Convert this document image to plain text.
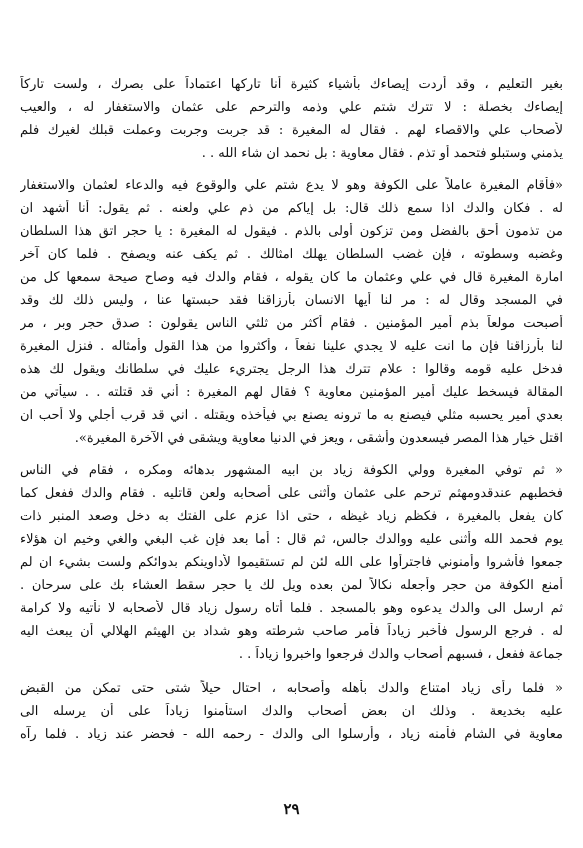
بغير التعليم ، وقد أردت إيصاءك بأشياء كثيرة أنا تاركها اعتماداً على بصرك ، ولست تاركاً
إيصاءك بخصلة : لا تترك شتم علي وذمه والترحم على عثمان والاستغفار له ، والعيب
لأصحاب علي والاقصاء لهم . فقال له المغيرة : قد جربت وجربت وعملت قبلك لغيرك فلم
يذمني وستبلو فتحمد أو تذم . فقال معاوية : بل نحمد ان شاء الله . .
«فأقام المغيرة عاملاً على الكوفة وهو لا يدع شتم علي والوقوع فيه والدعاء لعثمان والاستغفار
له . فكان والدك اذا سمع ذلك قال: بل إياكم من ذم علي ولعنه . ثم يقول: أنا أشهد ان
من تذمون أحق بالفضل ومن تزكون أولى بالذم . فيقول له المغيرة : يا حجر اتق هذا السلطان
وغضبه وسطوته ، فإن غضب السلطان يهلك امثالك . ثم يكف عنه ويصفح . فلما كان آخر
امارة المغيرة قال في علي وعثمان ما كان يقوله ، فقام والدك فيه وصاح صيحة سمعها كل من
في المسجد وقال له : مر لنا أيها الانسان بأرزاقنا فقد حبستها عنا ، وليس ذلك لك وقد
أصبحت مولعاً بذم أمير المؤمنين . فقام أكثر من ثلثي الناس يقولون : صدق حجر وبر ، مر
لنا بأرزاقنا فإن ما انت عليه لا يجدي علينا نفعاً ، وأكثروا من هذا القول وأمثاله . فنزل المغيرة
فدخل عليه قومه وقالوا : علام تترك هذا الرجل يجتريء عليك في سلطانك ويقول لك هذه
المقالة فيسخط عليك أمير المؤمنين معاوية ؟ فقال لهم المغيرة : أني قد قتلته . . سيأتي من
بعدي أمير يحسبه مثلي فيصنع به ما ترونه يصنع بي فيأخذه ويقتله . اني قد قرب أجلي ولا أحب ان
اقتل خيار هذا المصر فيسعدون وأشقى ، ويعز في الدنيا معاوية ويشقى في الآخرة المغيرة».
« ثم توفي المغيرة وولي الكوفة زياد بن ابيه المشهور بدهائه ومكره ، فقام في الناس
فخطبهم عندقدومهثم ترحم على عثمان وأثنى على أصحابه ولعن قاتليه . فقام والدك ففعل كما
كان يفعل بالمغيرة ، فكظم زياد غيظه ، حتى اذا عزم على الفتك به دخل وصعد المنبر ذات
يوم فحمد الله وأثنى عليه ووالدك جالس، ثم قال : أما بعد فإن غب البغي والغي وخيم ان هؤلاء
جمعوا فأشروا وأمنوني فاجترأوا على الله لئن لم تستقيموا لأداوينكم بدوائكم ولست بشيء ان لم
أمنع الكوفة من حجر وأجعله نكالاً لمن بعده ويل لك يا حجر سقط العشاء بك على سرحان .
ثم ارسل الى والدك يدعوه وهو بالمسجد . فلما أتاه رسول زياد قال لأصحابه لا نأتيه ولا كرامة
له . فرجع الرسول فأخبر زياداً فأمر صاحب شرطته وهو شداد بن الهيثم الهلالي أن يبعث اليه
جماعة ففعل ، فسبهم أصحاب والدك فرجعوا واخبروا زياداً . .
« فلما رأى زياد امتناع والدك بأهله وأصحابه ، احتال حيلاً شتى حتى تمكن من القبض
عليه بخديعة . وذلك ان بعض أصحاب والدك استأمنوا زياداً على أن يرسله الى
معاوية في الشام فأمنه زياد ، وأرسلوا الى والدك - رحمه الله - فحضر عند زياد . فلما رآه
٢٩
